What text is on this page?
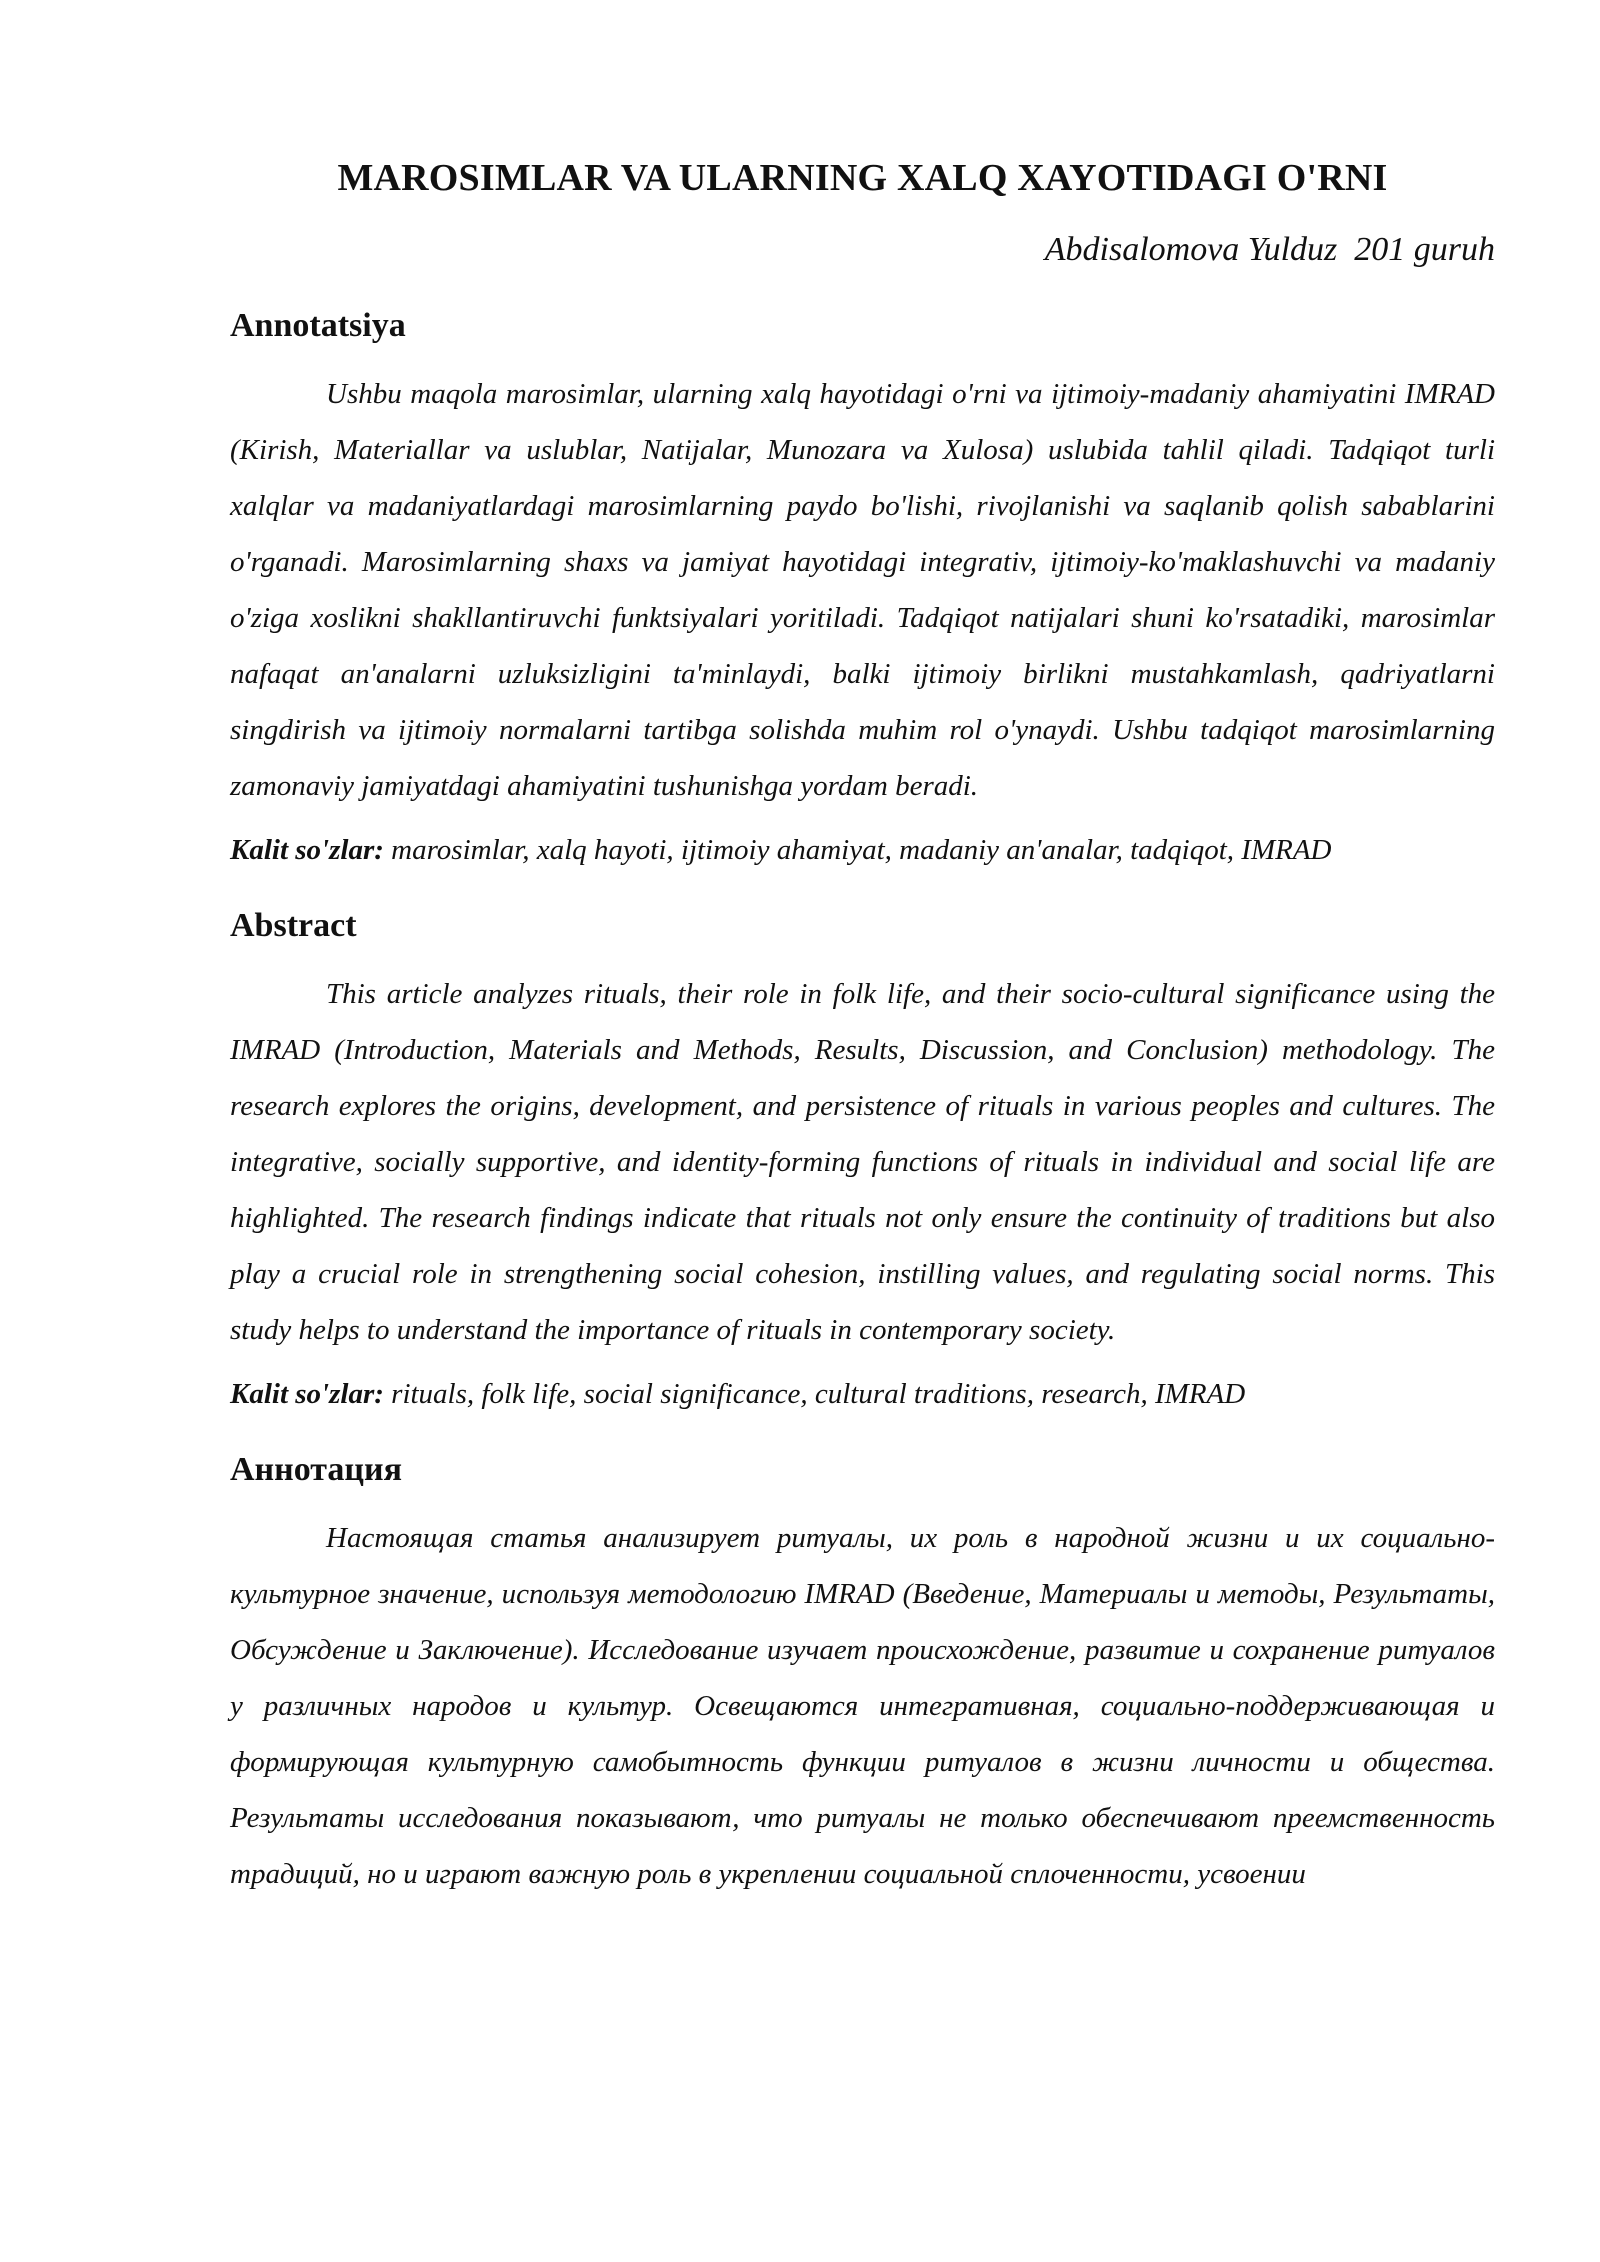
MAROSIMLAR VA ULARNING XALQ XAYOTIDAGI O'RNI
Abdisalomova Yulduz  201 guruh
Annotatsiya

Ushbu maqola marosimlar, ularning xalq hayotidagi o'rni va ijtimoiy-madaniy ahamiyatini IMRAD (Kirish, Materiallar va uslublar, Natijalar, Munozara va Xulosa) uslubida tahlil qiladi. Tadqiqot turli xalqlar va madaniyatlardagi marosimlarning paydo bo'lishi, rivojlanishi va saqlanib qolish sabablarini o'rganadi. Marosimlarning shaxs va jamiyat hayotidagi integrativ, ijtimoiy-ko'maklashuvchi va madaniy o'ziga xoslikni shakllantiruvchi funktsiyalari yoritiladi. Tadqiqot natijalari shuni ko'rsatadiki, marosimlar nafaqat an'analarni uzluksizligini ta'minlaydi, balki ijtimoiy birlikni mustahkamlash, qadriyatlarni singdirish va ijtimoiy normalarni tartibga solishda muhim rol o'ynaydi. Ushbu tadqiqot marosimlarning zamonaviy jamiyatdagi ahamiyatini tushunishga yordam beradi.

Kalit so'zlar: marosimlar, xalq hayoti, ijtimoiy ahamiyat, madaniy an'analar, tadqiqot, IMRAD

Abstract

This article analyzes rituals, their role in folk life, and their socio-cultural significance using the IMRAD (Introduction, Materials and Methods, Results, Discussion, and Conclusion) methodology. The research explores the origins, development, and persistence of rituals in various peoples and cultures. The integrative, socially supportive, and identity-forming functions of rituals in individual and social life are highlighted. The research findings indicate that rituals not only ensure the continuity of traditions but also play a crucial role in strengthening social cohesion, instilling values, and regulating social norms. This study helps to understand the importance of rituals in contemporary society.

Kalit so'zlar: rituals, folk life, social significance, cultural traditions, research, IMRAD

Аннотация

Настоящая статья анализирует ритуалы, их роль в народной жизни и их социально-культурное значение, используя методологию IMRAD (Введение, Материалы и методы, Результаты, Обсуждение и Заключение). Исследование изучает происхождение, развитие и сохранение ритуалов у различных народов и культур. Освещаются интегративная, социально-поддерживающая и формирующая культурную самобытность функции ритуалов в жизни личности и общества. Результаты исследования показывают, что ритуалы не только обеспечивают преемственность традиций, но и играют важную роль в укреплении социальной сплоченности, усвоении
